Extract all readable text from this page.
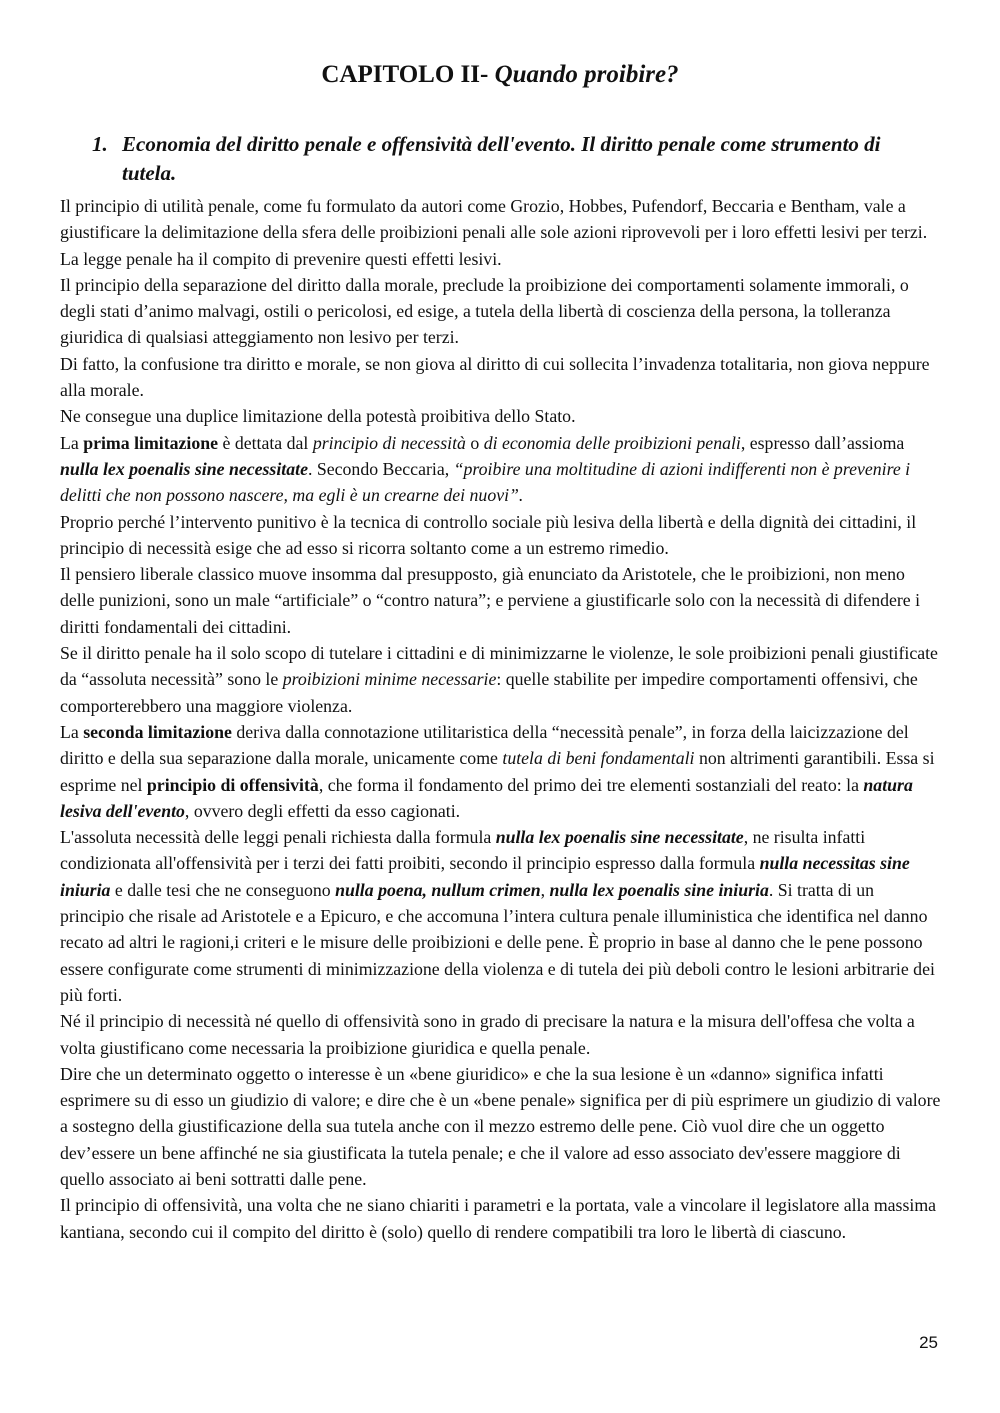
CAPITOLO II- Quando proibire?
1. Economia del diritto penale e offensività dell'evento. Il diritto penale come strumento di tutela.

Il principio di utilità penale, come fu formulato da autori come Grozio, Hobbes, Pufendorf, Beccaria e Bentham, vale a giustificare la delimitazione della sfera delle proibizioni penali alle sole azioni riprovevoli per i loro effetti lesivi per terzi. La legge penale ha il compito di prevenire questi effetti lesivi.

Il principio della separazione del diritto dalla morale, preclude la proibizione dei comportamenti solamente immorali, o degli stati d’animo malvagi, ostili o pericolosi, ed esige, a tutela della libertà di coscienza della persona, la tolleranza giuridica di qualsiasi atteggiamento non lesivo per terzi.

Di fatto, la confusione tra diritto e morale, se non giova al diritto di cui sollecita l’invadenza totalitaria, non giova neppure alla morale.

Ne consegue una duplice limitazione della potestà proibitiva dello Stato.

La prima limitazione è dettata dal principio di necessità o di economia delle proibizioni penali, espresso dall’assioma nulla lex poenalis sine necessitate. Secondo Beccaria, “proibire una moltitudine di azioni indifferenti non è prevenire i delitti che non possono nascere, ma egli è un crearne dei nuovi”.

Proprio perché l’intervento punitivo è la tecnica di controllo sociale più lesiva della libertà e della dignità dei cittadini, il principio di necessità esige che ad esso si ricorra soltanto come a un estremo rimedio.

Il pensiero liberale classico muove insomma dal presupposto, già enunciato da Aristotele, che le proibizioni, non meno delle punizioni, sono un male “artificiale” o “contro natura”; e perviene a giustificarle solo con la necessità di difendere i diritti fondamentali dei cittadini.

Se il diritto penale ha il solo scopo di tutelare i cittadini e di minimizzarne le violenze, le sole proibizioni penali giustificate da “assoluta necessità” sono le proibizioni minime necessarie: quelle stabilite per impedire comportamenti offensivi, che comporterebbero una maggiore violenza.

La seconda limitazione deriva dalla connotazione utilitaristica della “necessità penale”, in forza della laicizzazione del diritto e della sua separazione dalla morale, unicamente come tutela di beni fondamentali non altrimenti garantibili. Essa si esprime nel principio di offensività, che forma il fondamento del primo dei tre elementi sostanziali del reato: la natura lesiva dell'evento, ovvero degli effetti da esso cagionati.

L'assoluta necessità delle leggi penali richiesta dalla formula nulla lex poenalis sine necessitate, ne risulta infatti condizionata all'offensività per i terzi dei fatti proibiti, secondo il principio espresso dalla formula nulla necessitas sine iniuria e dalle tesi che ne conseguono nulla poena, nullum crimen, nulla lex poenalis sine iniuria. Si tratta di un principio che risale ad Aristotele e a Epicuro, e che accomuna l’intera cultura penale illuministica che identifica nel danno recato ad altri le ragioni,i criteri e le misure delle proibizioni e delle pene. È proprio in base al danno che le pene possono essere configurate come strumenti di minimizzazione della violenza e di tutela dei più deboli contro le lesioni arbitrarie dei più forti.

Né il principio di necessità né quello di offensività sono in grado di precisare la natura e la misura dell'offesa che volta a volta giustificano come necessaria la proibizione giuridica e quella penale.

Dire che un determinato oggetto o interesse è un «bene giuridico» e che la sua lesione è un «danno» significa infatti esprimere su di esso un giudizio di valore; e dire che è un «bene penale» significa per di più esprimere un giudizio di valore a sostegno della giustificazione della sua tutela anche con il mezzo estremo delle pene. Ciò vuol dire che un oggetto dev’essere un bene affinché ne sia giustificata la tutela penale; e che il valore ad esso associato dev'essere maggiore di quello associato ai beni sottratti dalle pene.

Il principio di offensività, una volta che ne siano chiariti i parametri e la portata, vale a vincolare il legislatore alla massima kantiana, secondo cui il compito del diritto è (solo) quello di rendere compatibili tra loro le libertà di ciascuno.

25
